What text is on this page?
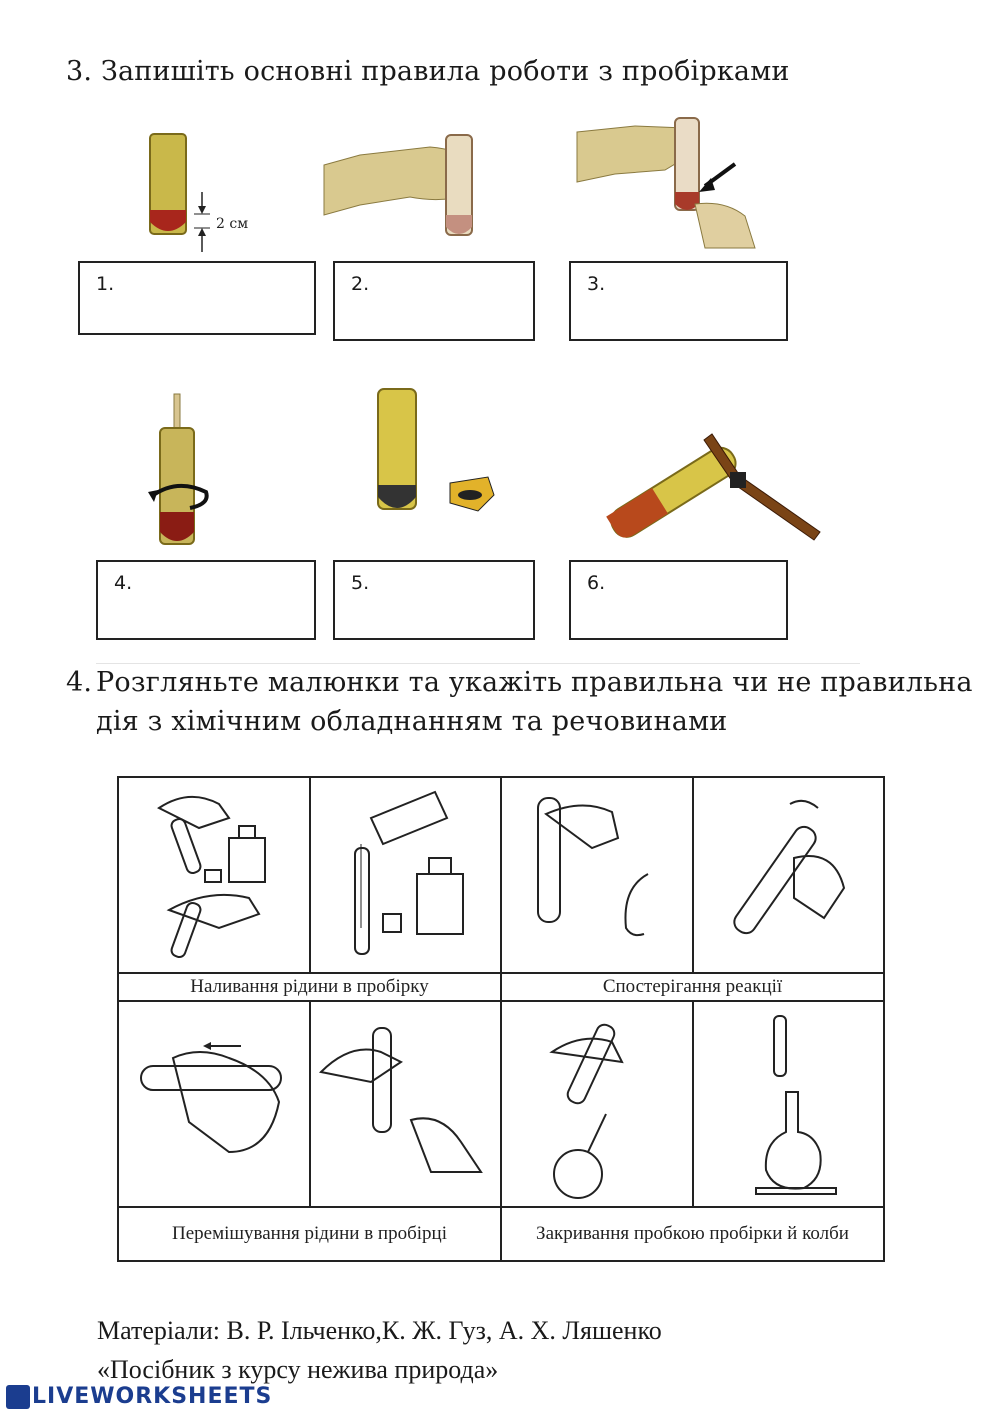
3. Запишіть основні правила роботи з пробірками
2 см
1.	2.	3.
4.	5.	6.
4. Розгляньте малюнки та укажіть правильна чи не правильна
дія з хімічним обладнанням та речовинами

Наливання рідини в пробірку		Спостерігання реакції	

Перемішування рідини в пробірці		Закривання пробкою пробірки й колби	
Матеріали: В. Р. Ільченко,К. Ж. Гуз, А. Х. Ляшенко
«Посібник з курсу нежива природа»
LIVEWORKSHEETS
